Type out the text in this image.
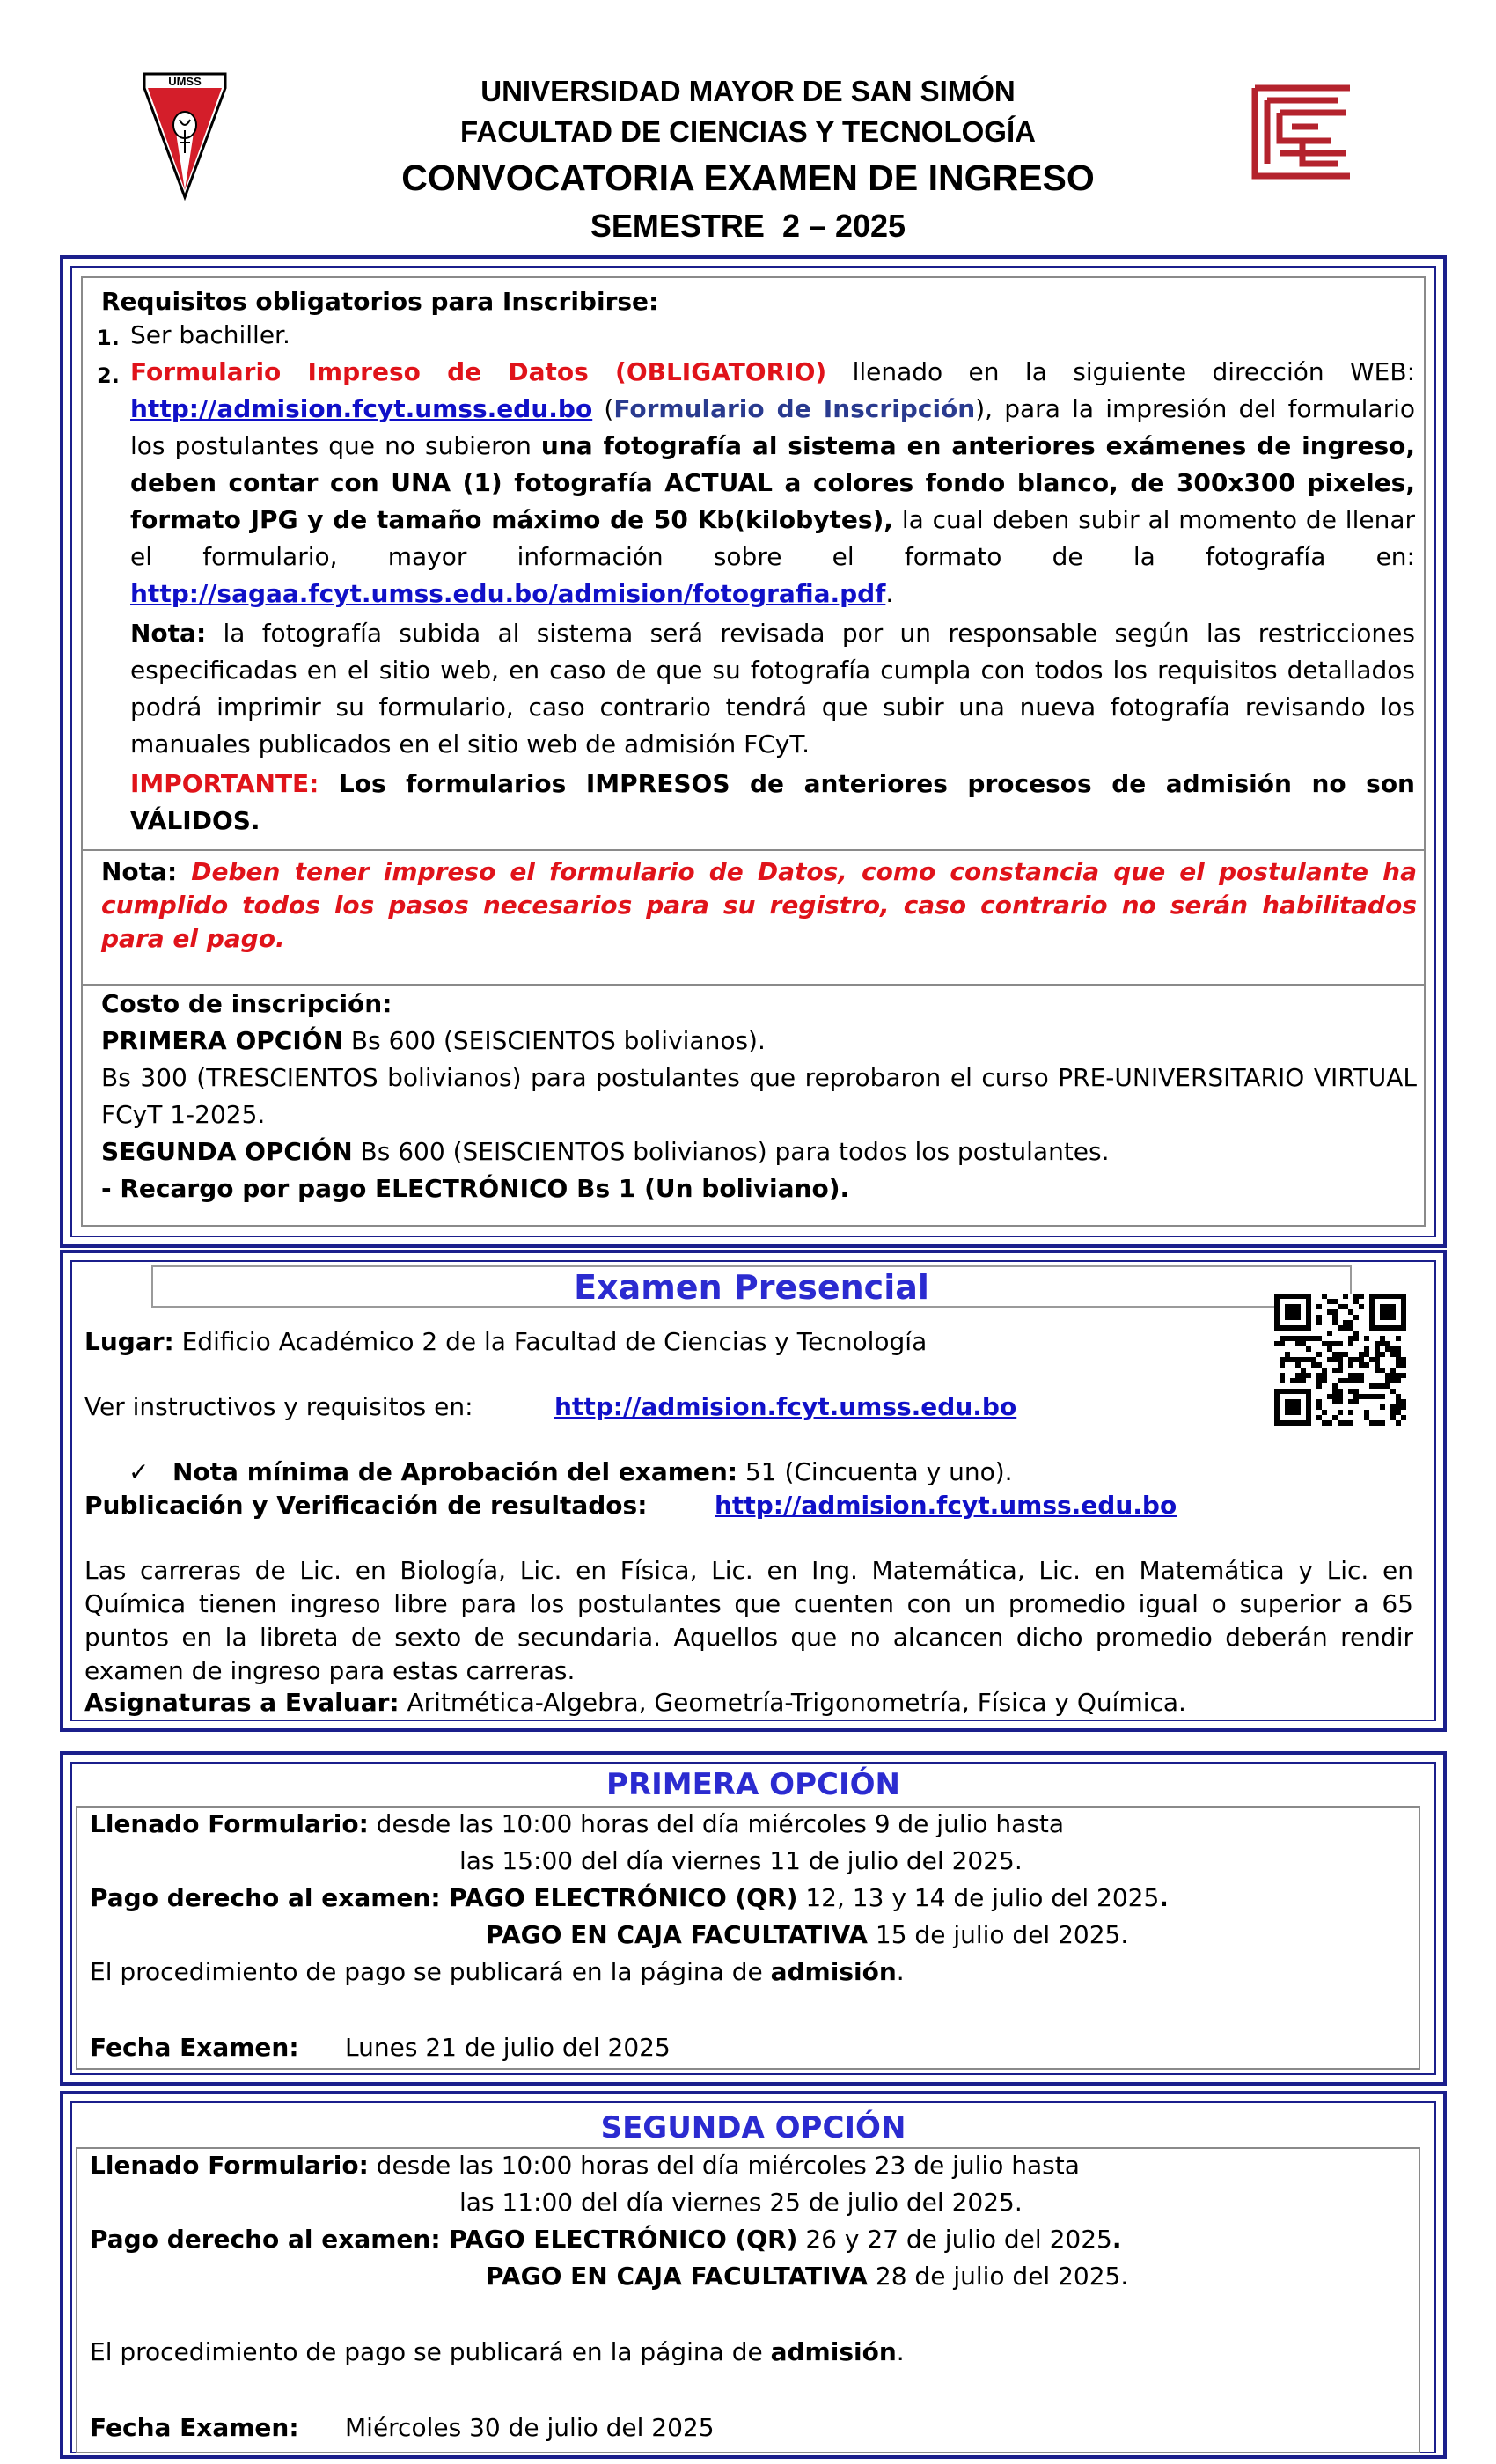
UMSS	UNIVERSIDAD MAYOR DE SAN SIMÓN
FACULTAD DE CIENCIAS Y TECNOLOGÍA
CONVOCATORIA EXAMEN DE INGRESO
SEMESTRE  2 – 2025
Requisitos obligatorios para Inscribirse:
1. Ser bachiller.
2. Formulario Impreso de Datos (OBLIGATORIO) llenado en la siguiente dirección WEB: http://admision.fcyt.umss.edu.bo (Formulario de Inscripción), para la impresión del formulario los postulantes que no subieron una fotografía al sistema en anteriores exámenes de ingreso, deben contar con UNA (1) fotografía ACTUAL a colores fondo blanco, de 300x300 pixeles, formato JPG y de tamaño máximo de 50 Kb(kilobytes), la cual deben subir al momento de llenar el formulario, mayor información sobre el formato de la fotografía en: http://sagaa.fcyt.umss.edu.bo/admision/fotografia.pdf.
Nota: la fotografía subida al sistema será revisada por un responsable según las restricciones especificadas en el sitio web, en caso de que su fotografía cumpla con todos los requisitos detallados podrá imprimir su formulario, caso contrario tendrá que subir una nueva fotografía revisando los manuales publicados en el sitio web de admisión FCyT.
IMPORTANTE: Los formularios IMPRESOS de anteriores procesos de admisión no son VÁLIDOS.
Nota: Deben tener impreso el formulario de Datos, como constancia que el postulante ha cumplido todos los pasos necesarios para su registro, caso contrario no serán habilitados para el pago.
Costo de inscripción:
PRIMERA OPCIÓN Bs 600 (SEISCIENTOS bolivianos).
Bs 300 (TRESCIENTOS bolivianos) para postulantes que reprobaron el curso PRE-UNIVERSITARIO VIRTUAL FCyT 1-2025.
SEGUNDA OPCIÓN Bs 600 (SEISCIENTOS bolivianos) para todos los postulantes.
- Recargo por pago ELECTRÓNICO Bs 1 (Un boliviano).
Examen Presencial
Lugar: Edificio Académico 2 de la Facultad de Ciencias y Tecnología
Ver instructivos y requisitos en:	http://admision.fcyt.umss.edu.bo
✓ Nota mínima de Aprobación del examen: 51 (Cincuenta y uno).
Publicación y Verificación de resultados:	http://admision.fcyt.umss.edu.bo
Las carreras de Lic. en Biología, Lic. en Física, Lic. en Ing. Matemática, Lic. en Matemática y Lic. en Química tienen ingreso libre para los postulantes que cuenten con un promedio igual o superior a 65 puntos en la libreta de sexto de secundaria. Aquellos que no alcancen dicho promedio deberán rendir examen de ingreso para estas carreras.
Asignaturas a Evaluar: Aritmética-Algebra, Geometría-Trigonometría, Física y Química.
PRIMERA OPCIÓN
Llenado Formulario: desde las 10:00 horas del día miércoles 9 de julio hasta
las 15:00 del día viernes 11 de julio del 2025.
Pago derecho al examen: PAGO ELECTRÓNICO (QR) 12, 13 y 14 de julio del 2025.
PAGO EN CAJA FACULTATIVA 15 de julio del 2025.
El procedimiento de pago se publicará en la página de admisión.
Fecha Examen: Lunes 21 de julio del 2025
SEGUNDA OPCIÓN
Llenado Formulario: desde las 10:00 horas del día miércoles 23 de julio hasta
las 11:00 del día viernes 25 de julio del 2025.
Pago derecho al examen: PAGO ELECTRÓNICO (QR) 26 y 27 de julio del 2025.
PAGO EN CAJA FACULTATIVA 28 de julio del 2025.
El procedimiento de pago se publicará en la página de admisión.
Fecha Examen: Miércoles 30 de julio del 2025
